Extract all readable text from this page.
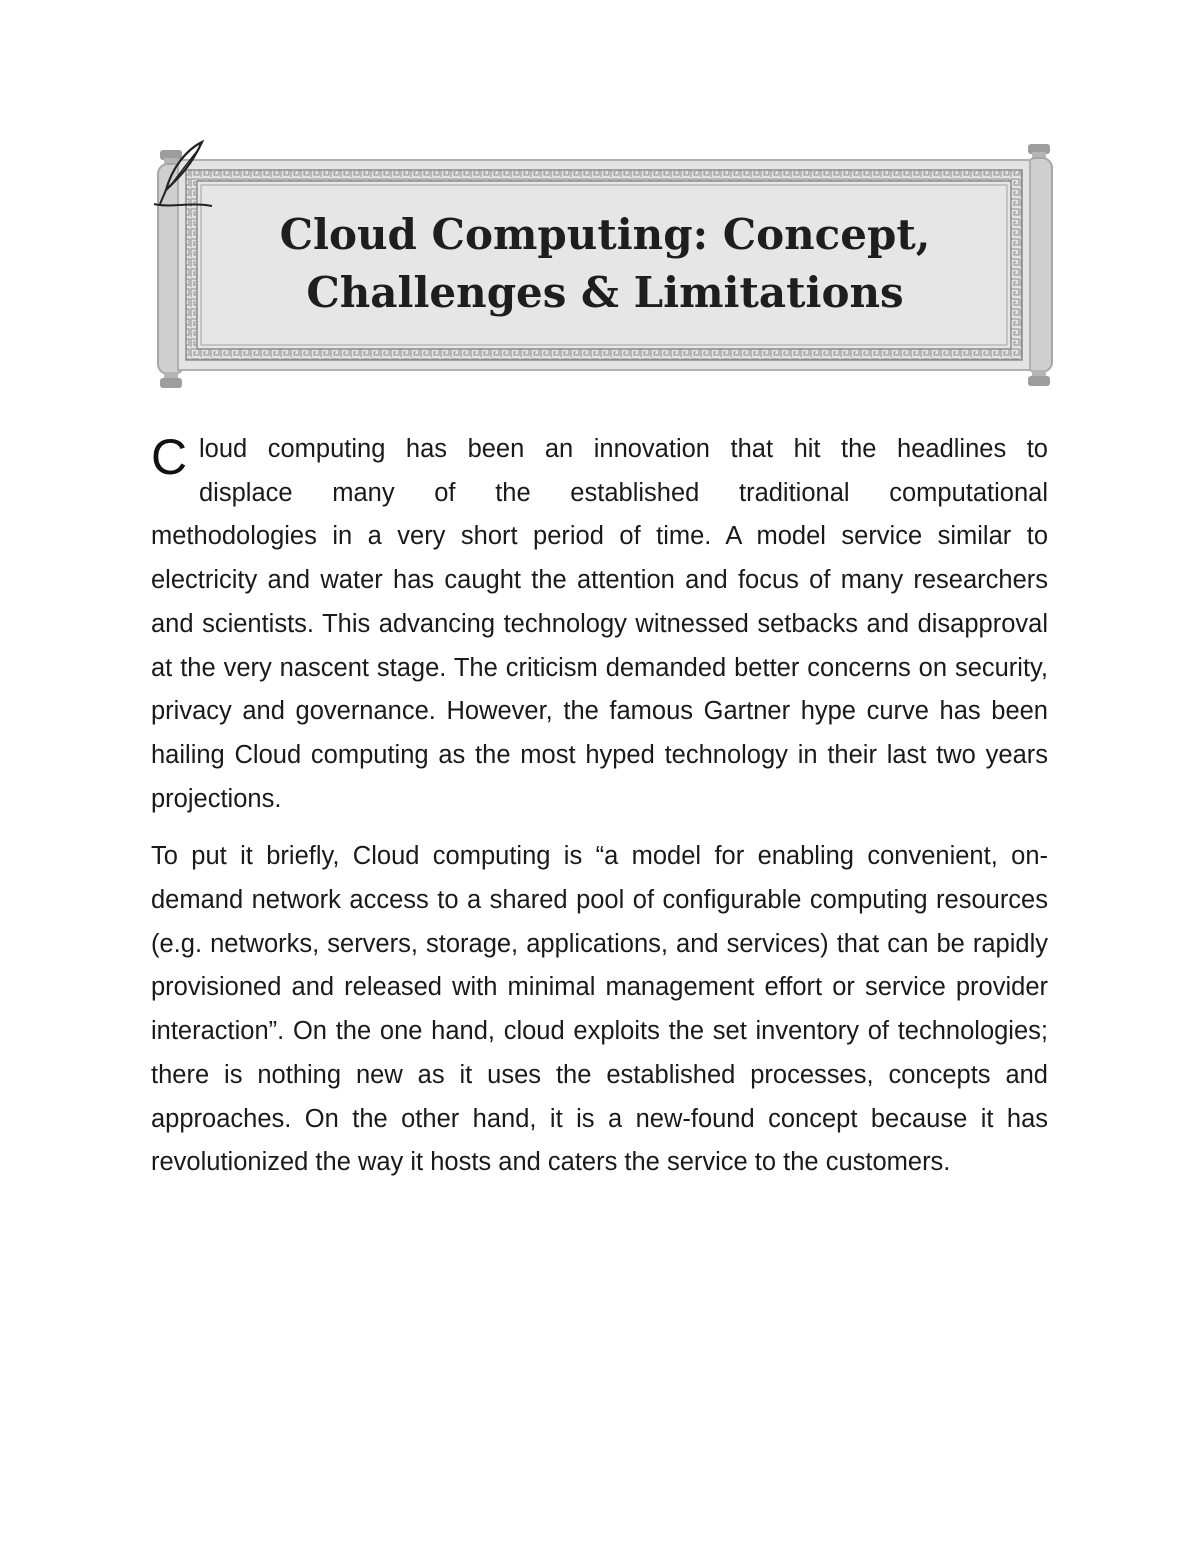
Cloud Computing: Concept,
Challenges & Limitations

C loud computing has been an innovation that hit the headlines to
displace many of the established traditional computational
methodologies in a very short period of time. A model service similar to electricity and water has caught the attention and focus of many researchers and scientists. This advancing technology witnessed setbacks and disapproval at the very nascent stage. The criticism demanded better concerns on security, privacy and governance. However, the famous Gartner hype curve has been hailing Cloud computing as the most hyped technology in their last two years projections.

To put it briefly, Cloud computing is “a model for enabling convenient, on-demand network access to a shared pool of configurable computing resources (e.g. networks, servers, storage, applications, and services) that can be rapidly provisioned and released with minimal management effort or service provider interaction”. On the one hand, cloud exploits the set inventory of technologies; there is nothing new as it uses the established processes, concepts and approaches. On the other hand, it is a new-found concept because it has revolutionized the way it hosts and caters the service to the customers.
